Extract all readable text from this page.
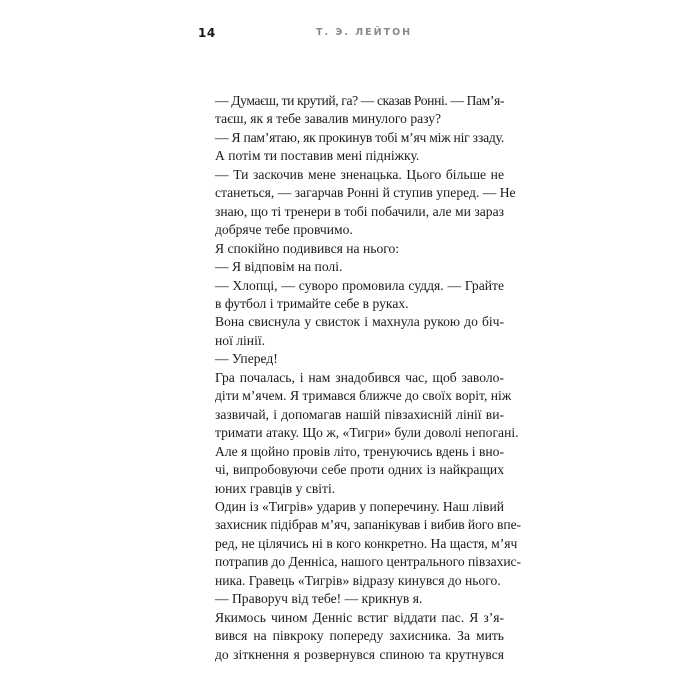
14	Т. Э. ЛЕЙТОН

— Думаєш, ти крутий, га? — сказав Ронні. — Пам’я-
таєш, як я тебе завалив минулого разу?

— Я пам’ятаю, як прокинув тобі м’яч між ніг ззаду.
А потім ти поставив мені підніжку.

— Ти заскочив мене зненацька. Цього більше не
станеться, — загарчав Ронні й ступив уперед. — Не
знаю, що ті тренери в тобі побачили, але ми зараз
добряче тебе провчимо.

Я спокійно подивився на нього:

— Я відповім на полі.

— Хлопці, — суворо промовила суддя. — Грайте
в футбол і тримайте себе в руках.

Вона свиснула у свисток і махнула рукою до біч-
ної лінії.

— Уперед!

Гра почалась, і нам знадобився час, щоб заволо-
діти м’ячем. Я тримався ближче до своїх воріт, ніж
зазвичай, і допомагав нашій півзахисній лінії ви-
тримати атаку. Що ж, «Тигри» були доволі непогані.

Але я щойно провів літо, тренуючись вдень і вно-
чі, випробовуючи себе проти одних із найкращих
юних гравців у світі.

Один із «Тигрів» ударив у поперечину. Наш лівий
захисник підібрав м’яч, запанікував і вибив його впе-
ред, не цілячись ні в кого конкретно. На щастя, м’яч
потрапив до Денніса, нашого центрального півзахис-
ника. Гравець «Тигрів» відразу кинувся до нього.

— Праворуч від тебе! — крикнув я.

Якимось чином Денніс встиг віддати пас. Я з’я-
вився на півкроку попереду захисника. За мить
до зіткнення я розвернувся спиною та крутнувся
